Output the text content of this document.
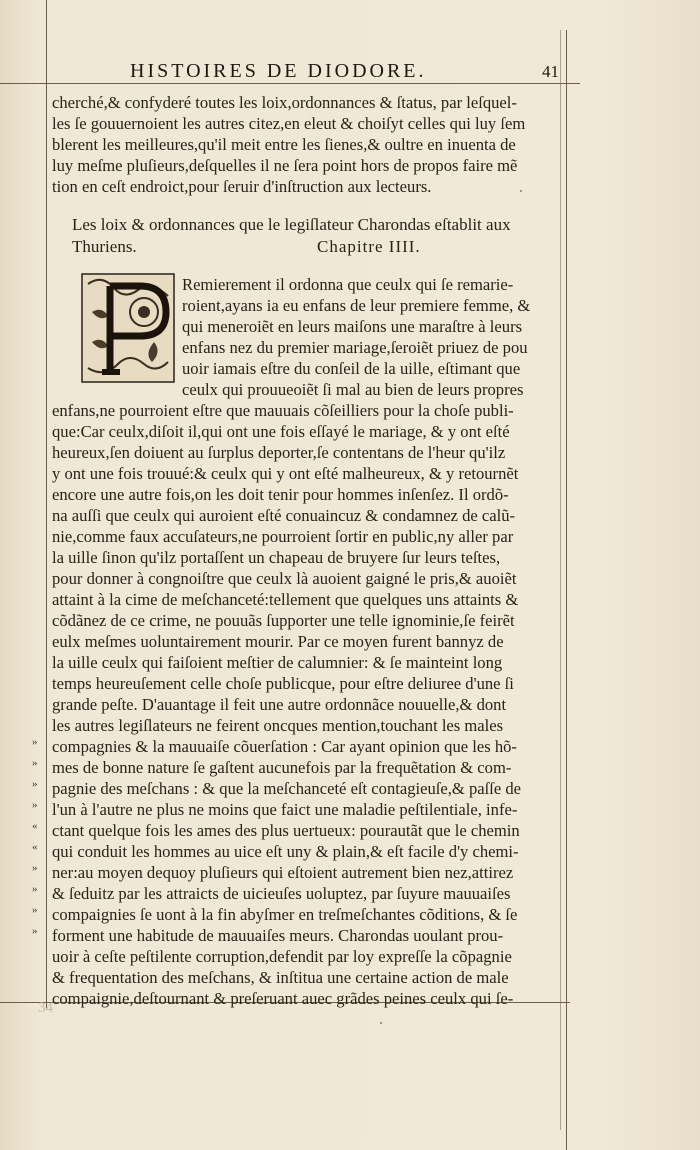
HISTOIRES DE DIODORE.	41
cherché,& confyderé toutes les loix,ordonnances & ſtatus, par leſquel-
les ſe gouuernoient les autres citez,en eleut & choiſyt celles qui luy ſem
blerent les meilleures,qu'il meit entre les ſienes,& oultre en inuenta de
luy meſme pluſieurs,deſquelles il ne ſera point hors de propos faire mẽ
tion en ceſt endroict,pour ſeruir d'inſtruction aux lecteurs.
Les loix & ordonnances que le legiſlateur Charondas eſtablit aux
Thuriens.	Chapitre IIII.
Remierement il ordonna que ceulx qui ſe remarie-
roient,ayans ia eu enfans de leur premiere femme, &
qui meneroiẽt en leurs maiſons une maraſtre à leurs
enfans nez du premier mariage,ſeroiẽt priuez de pou
uoir iamais eſtre du conſeil de la uille, eſtimant que
ceulx qui prouueoiẽt ſi mal au bien de leurs propres
enfans,ne pourroient eſtre que mauuais cõſeilliers pour la choſe publi-
que:Car ceulx,diſoit il,qui ont une fois eſſayé le mariage, & y ont eſté
heureux,ſen doiuent au ſurplus deporter,ſe contentans de l'heur qu'ilz
y ont une fois trouué:& ceulx qui y ont eſté malheureux, & y retournẽt
encore une autre fois,on les doit tenir pour hommes inſenſez. Il ordõ-
na auſſi que ceulx qui auroient eſté conuaincuz & condamnez de calũ-
nie,comme faux accuſateurs,ne pourroient ſortir en public,ny aller par
la uille ſinon qu'ilz portaſſent un chapeau de bruyere ſur leurs teſtes,
pour donner à congnoiſtre que ceulx là auoient gaigné le pris,& auoiẽt
attaint à la cime de meſchanceté:tellement que quelques uns attaints &
cõdãnez de ce crime, ne pouuãs ſupporter une telle ignominie,ſe feirẽt
eulx meſmes uoluntairement mourir. Par ce moyen furent bannyz de
la uille ceulx qui faiſoient meſtier de calumnier: & ſe mainteint long
temps heureuſement celle choſe publicque, pour eſtre deliuree d'une ſi
grande peſte. D'auantage il feit une autre ordonnãce nouuelle,& dont
les autres legiſlateurs ne feirent oncques mention,touchant les males
compagnies & la mauuaiſe cõuerſation : Car ayant opinion que les hõ-
mes de bonne nature ſe gaſtent aucunefois par la frequẽtation & com-
pagnie des meſchans : & que la meſchanceté eſt contagieuſe,& paſſe de
l'un à l'autre ne plus ne moins que faict une maladie peſtilentiale, infe-
ctant quelque fois les ames des plus uertueux: pourautãt que le chemin
qui conduit les hommes au uice eſt uny & plain,& eſt facile d'y chemi-
ner:au moyen dequoy pluſieurs qui eſtoient autrement bien nez,attirez
& ſeduitz par les attraicts de uicieuſes uoluptez, par ſuyure mauuaiſes
compaignies ſe uont à la fin abyſmer en treſmeſchantes cõditions, & ſe
forment une habitude de mauuaiſes meurs. Charondas uoulant prou-
uoir à ceſte peſtilente corruption,defendit par loy expreſſe la cõpagnie
& frequentation des meſchans, & inſtitua une certaine action de male
compaignie,deſtournant & preſeruant auec grãdes peines ceulx qui ſe-
»
»
»
»
«
«
»
»
»
»
34
